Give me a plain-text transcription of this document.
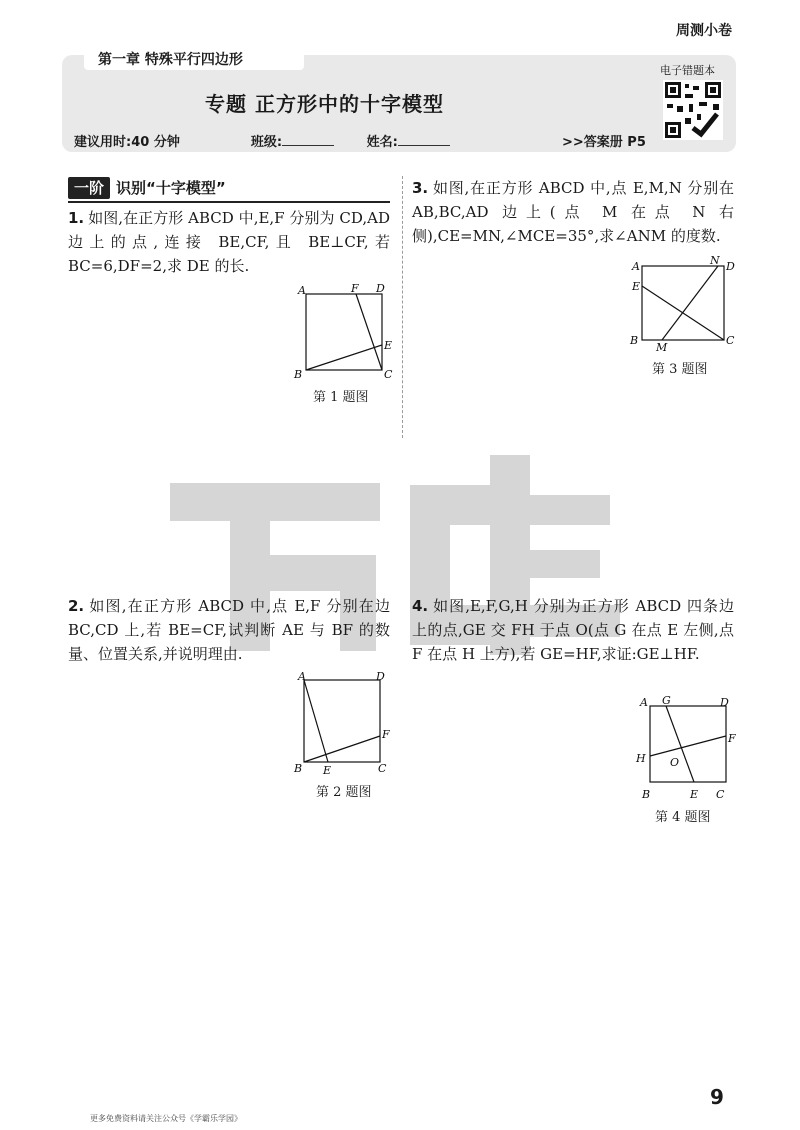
周测小卷
第一章 特殊平行四边形
专题 正方形中的十字模型
电子错题本
建议用时:40 分钟	班级:	姓名:	>>答案册 P5
一阶 识别“十字模型”
1. 如图,在正方形 ABCD 中,E,F 分别为 CD,AD 边上的点,连接 BE,CF,且 BE⊥CF,若 BC=6,DF=2,求 DE 的长.
A	F D
E
B	C
第 1 题图
3. 如图,在正方形 ABCD 中,点 E,M,N 分别在 AB,BC,AD 边上(点 M 在点 N 右侧),CE=MN,∠MCE=35°,求∠ANM 的度数.
A	N D
E
B
M
C
第 3 题图
2. 如图,在正方形 ABCD 中,点 E,F 分别在边 BC,CD 上,若 BE=CF,试判断 AE 与 BF 的数量、位置关系,并说明理由.
A	D
F
B E	C
第 2 题图
4. 如图,E,F,G,H 分别为正方形 ABCD 四条边上的点,GE 交 FH 于点 O(点 G 在点 E 左侧,点 F 在点 H 上方),若 GE=HF,求证:GE⊥HF.
A G	D
F
H O
B	E C
第 4 题图
9
更多免费资料请关注公众号《学霸乐学园》
